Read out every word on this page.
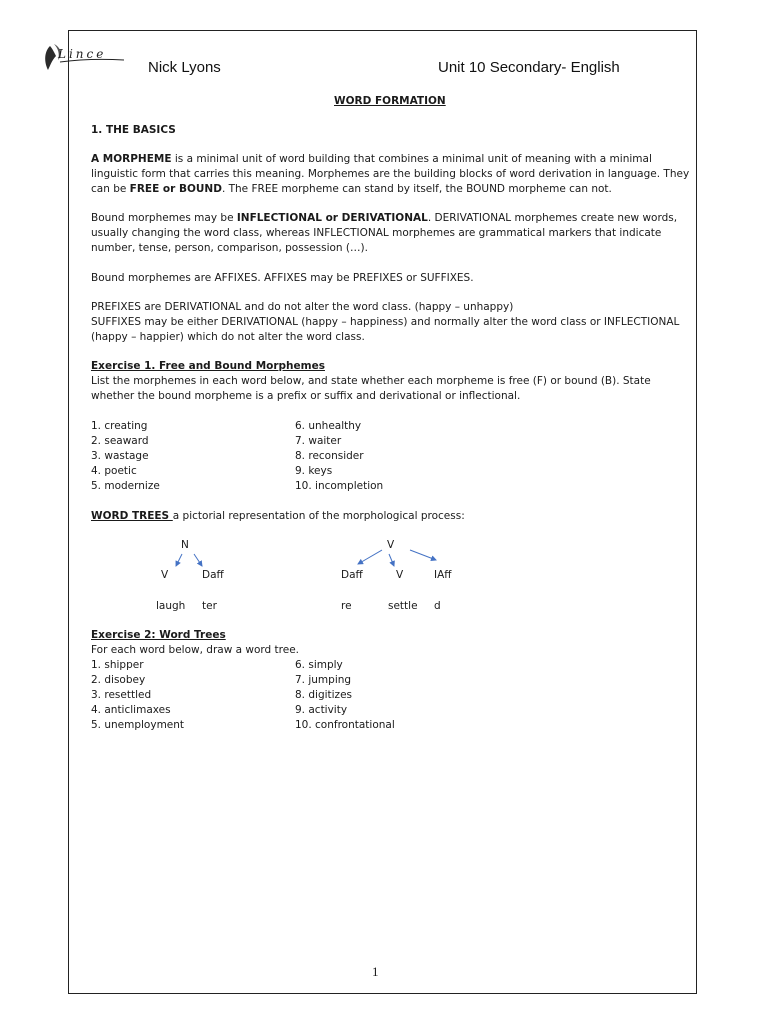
Lince
Nick Lyons	Unit 10 Secondary- English
WORD FORMATION
1. THE BASICS
A MORPHEME is a minimal unit of word building that combines a minimal unit of meaning with a minimal
linguistic form that carries this meaning. Morphemes are the building blocks of word derivation in language. They
can be FREE or BOUND. The FREE morpheme can stand by itself, the BOUND morpheme can not.
Bound morphemes may be INFLECTIONAL or DERIVATIONAL. DERIVATIONAL morphemes create new words,
usually changing the word class, whereas INFLECTIONAL morphemes are grammatical markers that indicate
number, tense, person, comparison, possession (…).
Bound morphemes are AFFIXES. AFFIXES may be PREFIXES or SUFFIXES.
PREFIXES are DERIVATIONAL and do not alter the word class. (happy – unhappy)
SUFFIXES may be either DERIVATIONAL (happy – happiness) and normally alter the word class or INFLECTIONAL
(happy – happier) which do not alter the word class.
Exercise 1. Free and Bound Morphemes
List the morphemes in each word below, and state whether each morpheme is free (F) or bound (B). State
whether the bound morpheme is a prefix or suffix and derivational or inflectional.
1. creating
2. seaward
3. wastage
4. poetic
5. modernize
6. unhealthy
7. waiter
8. reconsider
9. keys
10. incompletion
WORD TREES a pictorial representation of the morphological process:
N
V	Daff
laugh ter
V
Daff	V	IAff
re	settle d
Exercise 2: Word Trees
For each word below, draw a word tree.
1. shipper
2. disobey
3. resettled
4. anticlimaxes
5. unemployment
6. simply
7. jumping
8. digitizes
9. activity
10. confrontational
1
